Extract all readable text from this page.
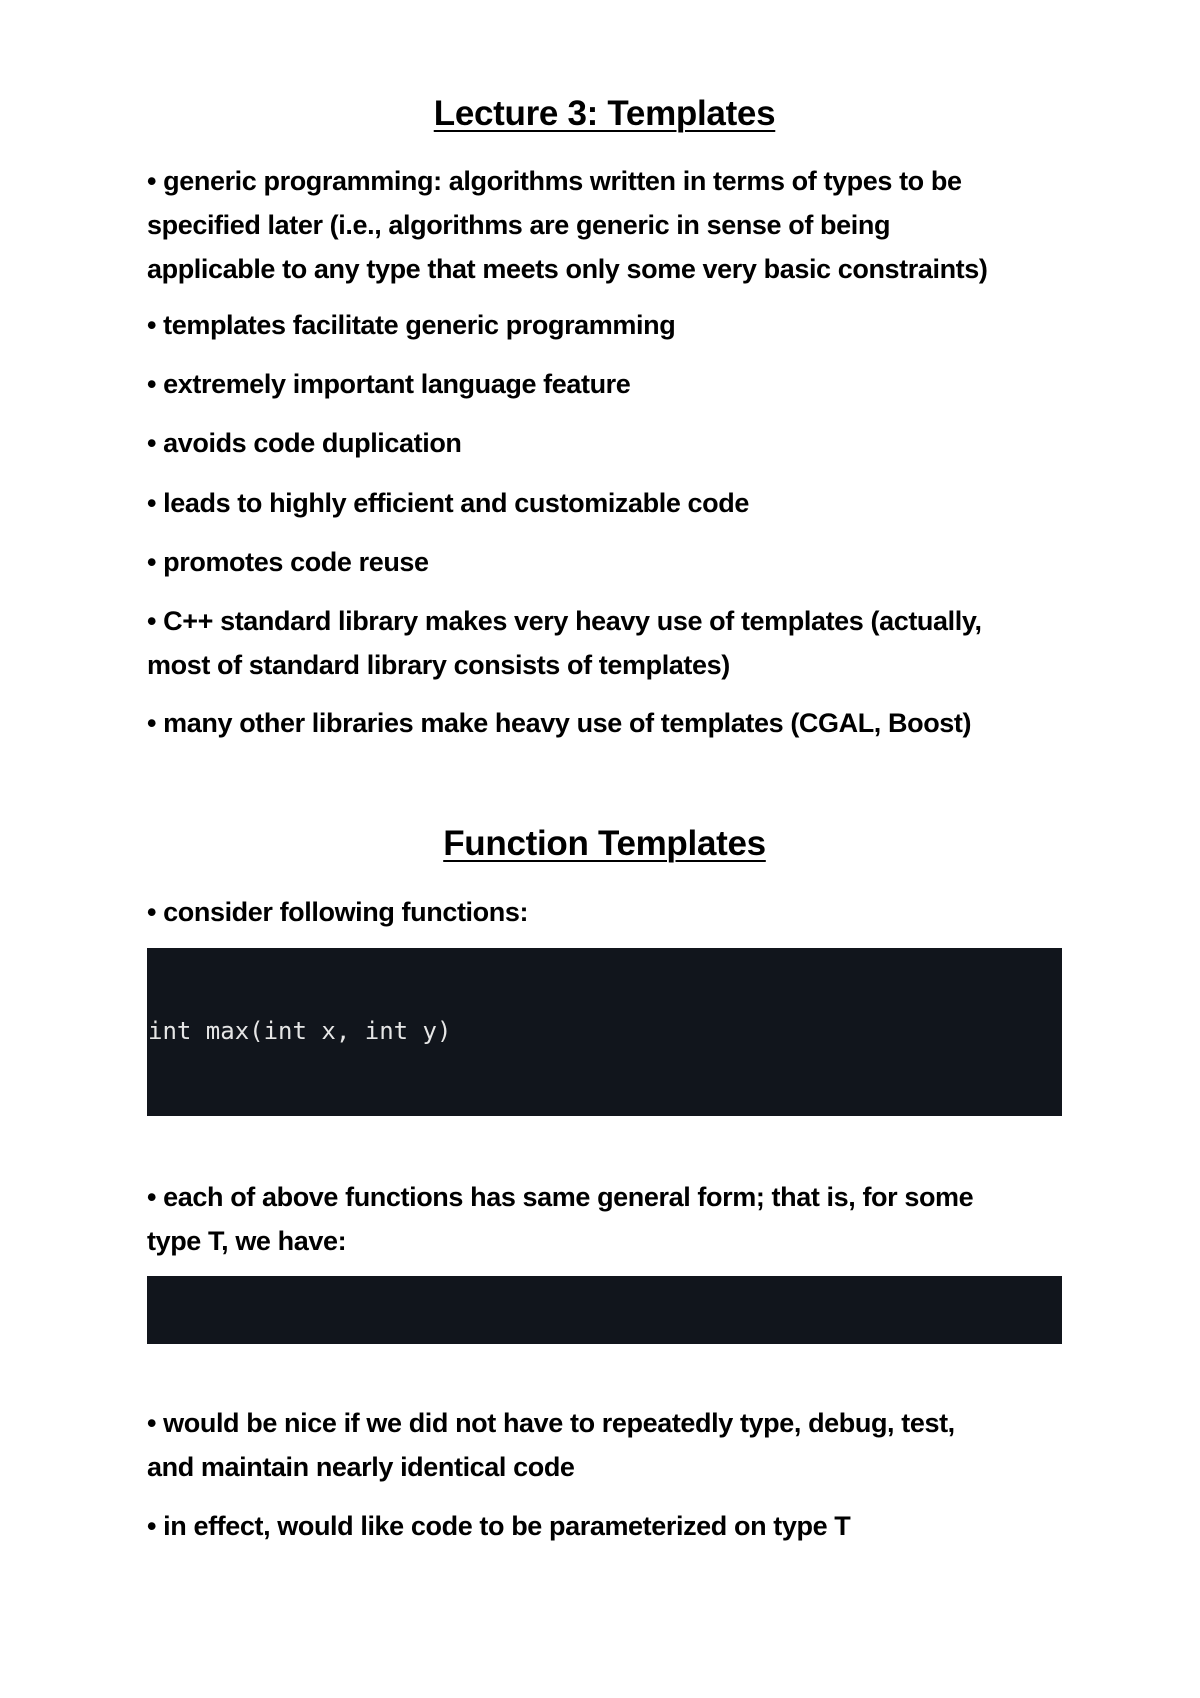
Lecture 3: Templates

• generic programming: algorithms written in terms of types to be
specified later (i.e., algorithms are generic in sense of being
applicable to any type that meets only some very basic constraints)

• templates facilitate generic programming

• extremely important language feature

• avoids code duplication

• leads to highly efficient and customizable code

• promotes code reuse

• C++ standard library makes very heavy use of templates (actually,
most of standard library consists of templates)

• many other libraries make heavy use of templates (CGAL, Boost)

Function Templates

• consider following functions:

int max(int x, int y)

• each of above functions has same general form; that is, for some
type T, we have:

• would be nice if we did not have to repeatedly type, debug, test,
and maintain nearly identical code

• in effect, would like code to be parameterized on type T
